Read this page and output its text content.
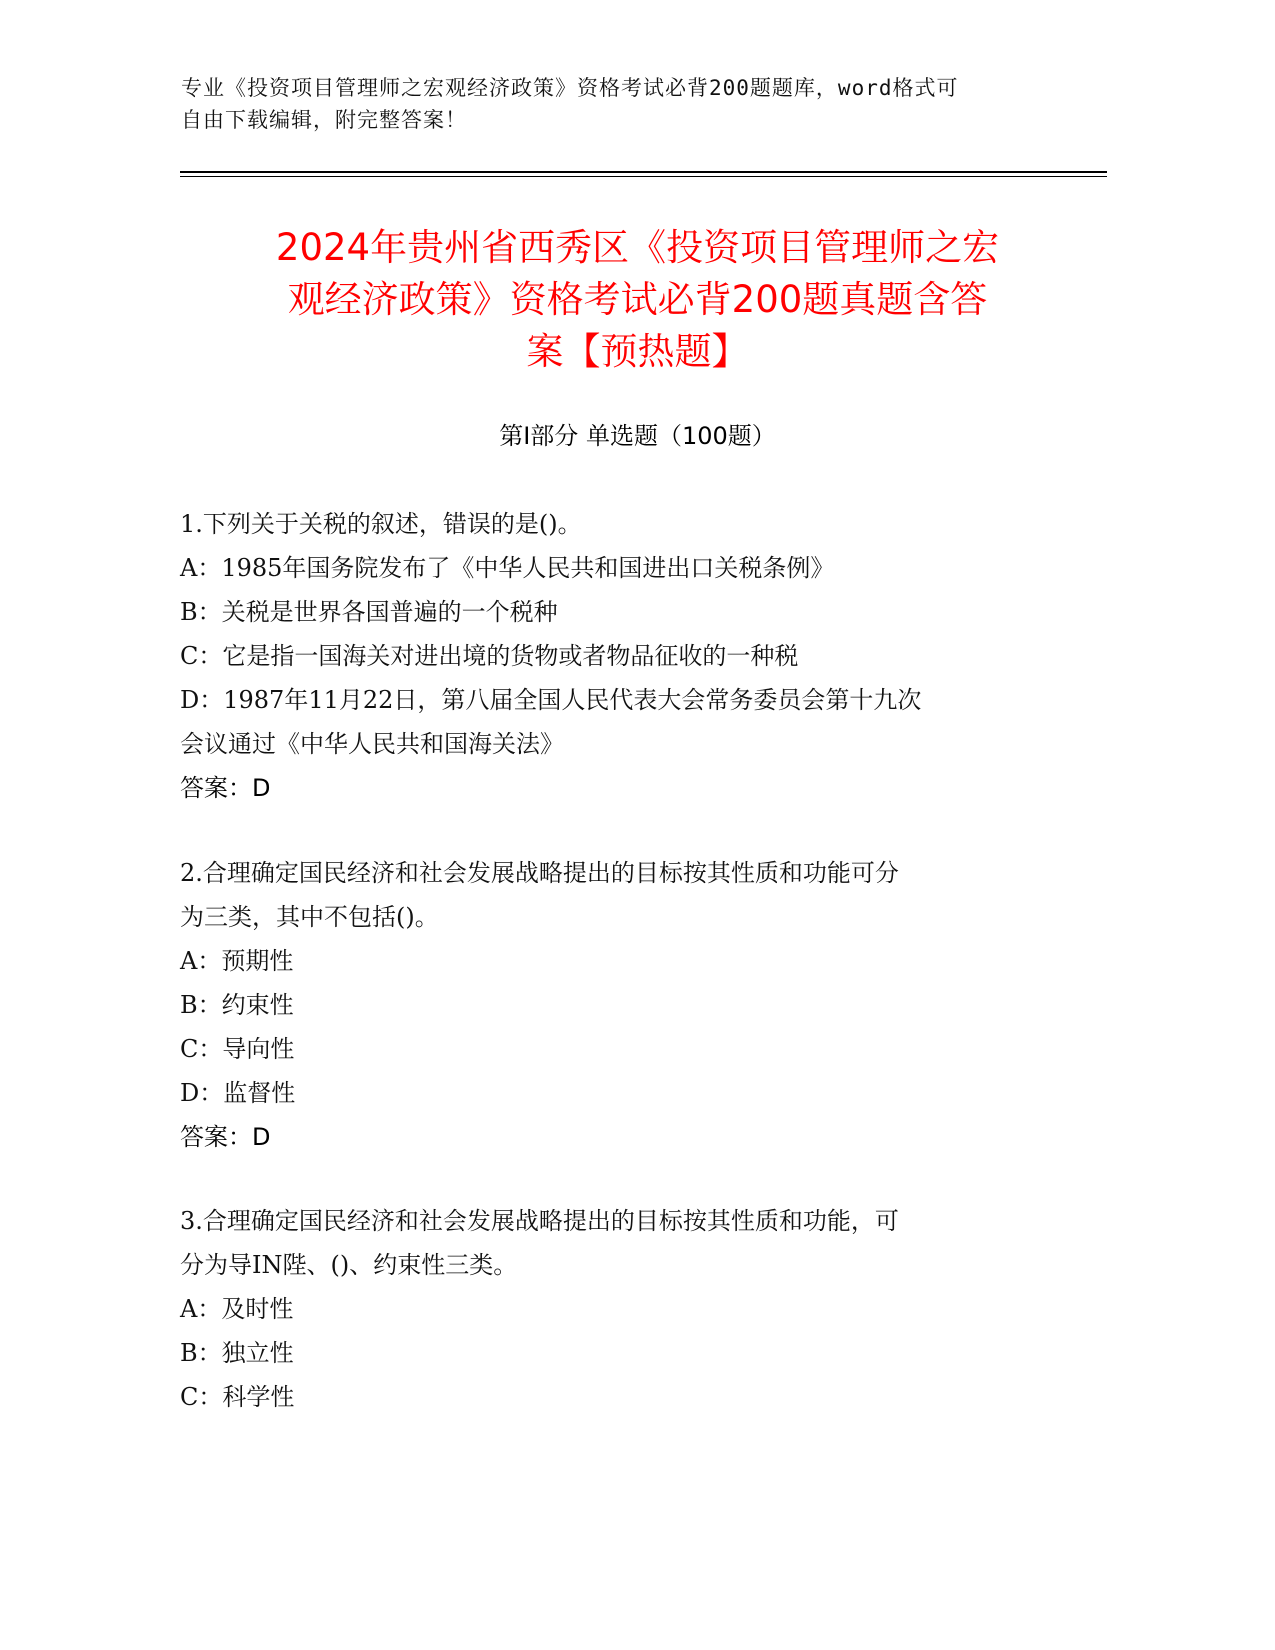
专业《投资项目管理师之宏观经济政策》资格考试必背200题题库，word格式可
自由下载编辑，附完整答案！
2024年贵州省西秀区《投资项目管理师之宏
观经济政策》资格考试必背200题真题含答
案【预热题】
第Ⅰ部分 单选题（100题）
1.下列关于关税的叙述，错误的是()。
A：1985年国务院发布了《中华人民共和国进出口关税条例》
B：关税是世界各国普遍的一个税种
C：它是指一国海关对进出境的货物或者物品征收的一种税
D：1987年11月22日，第八届全国人民代表大会常务委员会第十九次
会议通过《中华人民共和国海关法》
答案：D
2.合理确定国民经济和社会发展战略提出的目标按其性质和功能可分
为三类，其中不包括()。
A：预期性
B：约束性
C：导向性
D：监督性
答案：D
3.合理确定国民经济和社会发展战略提出的目标按其性质和功能，可
分为导IN陛、()、约束性三类。
A：及时性
B：独立性
C：科学性
